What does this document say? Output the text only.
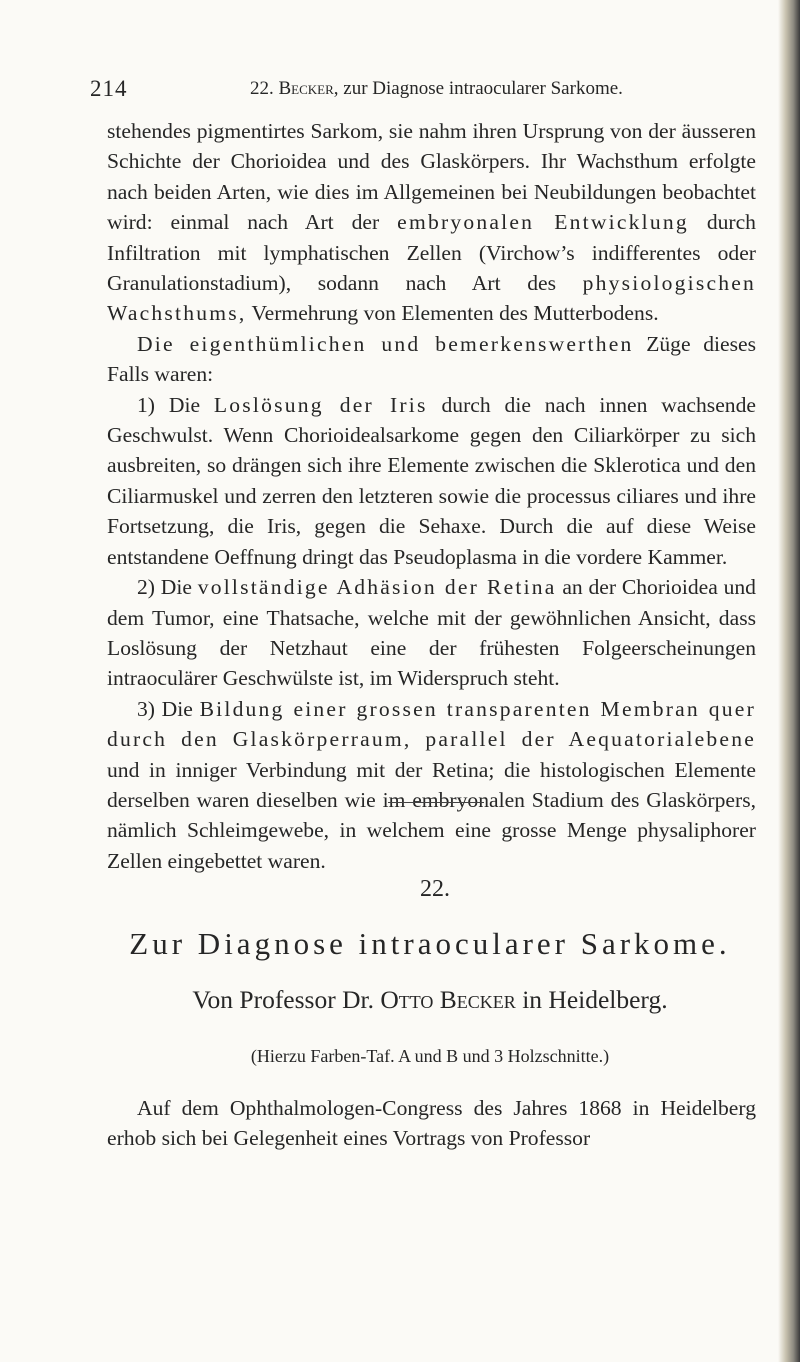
214	22. Becker, zur Diagnose intraocularer Sarkome.

stehendes pigmentirtes Sarkom, sie nahm ihren Ursprung von der äusseren Schichte der Chorioidea und des Glaskörpers. Ihr Wachsthum erfolgte nach beiden Arten, wie dies im Allgemeinen bei Neubildungen beobachtet wird: einmal nach Art der embryonalen Entwicklung durch Infiltration mit lymphatischen Zellen (Virchow’s indifferentes oder Granulationstadium), sodann nach Art des physiologischen Wachsthums, Vermehrung von Elementen des Mutterbodens.

Die eigenthümlichen und bemerkenswerthen Züge dieses Falls waren:

1) Die Loslösung der Iris durch die nach innen wachsende Geschwulst. Wenn Chorioidealsarkome gegen den Ciliarkörper zu sich ausbreiten, so drängen sich ihre Elemente zwischen die Sklerotica und den Ciliarmuskel und zerren den letzteren sowie die processus ciliares und ihre Fortsetzung, die Iris, gegen die Sehaxe. Durch die auf diese Weise entstandene Oeffnung dringt das Pseudoplasma in die vordere Kammer.

2) Die vollständige Adhäsion der Retina an der Chorioidea und dem Tumor, eine Thatsache, welche mit der gewöhnlichen Ansicht, dass Loslösung der Netzhaut eine der frühesten Folgeerscheinungen intraoculärer Geschwülste ist, im Widerspruch steht.

3) Die Bildung einer grossen transparenten Membran quer durch den Glaskörperraum, parallel der Aequatorialebene und in inniger Verbindung mit der Retina; die histologischen Elemente derselben waren dieselben wie im embryonalen Stadium des Glaskörpers, nämlich Schleimgewebe, in welchem eine grosse Menge physaliphorer Zellen eingebettet waren.

22.
Zur Diagnose intraocularer Sarkome.
Von Professor Dr. Otto Becker in Heidelberg.
(Hierzu Farben-Taf. A und B und 3 Holzschnitte.)

Auf dem Ophthalmologen-Congress des Jahres 1868 in Heidelberg erhob sich bei Gelegenheit eines Vortrags von Professor
